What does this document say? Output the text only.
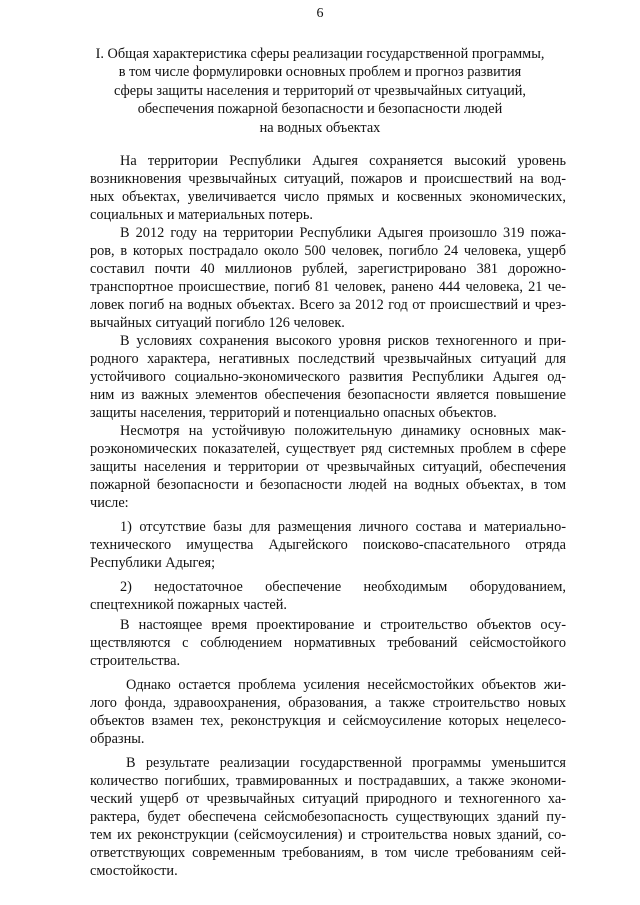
6
I. Общая характеристика сферы реализации государственной программы,
в том числе формулировки основных проблем и прогноз развития
сферы защиты населения и территорий от чрезвычайных ситуаций,
обеспечения пожарной безопасности и безопасности людей
на водных объектах
На территории Республики Адыгея сохраняется высокий уровень
возникновения чрезвычайных ситуаций, пожаров и происшествий на вод-
ных объектах, увеличивается число прямых и косвенных экономических,
социальных и материальных потерь.
В 2012 году на территории Республики Адыгея произошло 319 пожа-
ров, в которых пострадало около 500 человек, погибло 24 человека, ущерб
составил почти 40 миллионов рублей, зарегистрировано 381 дорожно-
транспортное происшествие, погиб 81 человек, ранено 444 человека, 21 че-
ловек погиб на водных объектах. Всего за 2012 год от происшествий и чрез-
вычайных ситуаций погибло 126 человек.
В условиях сохранения высокого уровня рисков техногенного и при-
родного характера, негативных последствий чрезвычайных ситуаций для
устойчивого социально-экономического развития Республики Адыгея од-
ним из важных элементов обеспечения безопасности является повышение
защиты населения, территорий и потенциально опасных объектов.
Несмотря на устойчивую положительную динамику основных мак-
роэкономических показателей, существует ряд системных проблем в сфере
защиты населения и территории от чрезвычайных ситуаций, обеспечения
пожарной безопасности и безопасности людей на водных объектах, в том
числе:
1) отсутствие базы для размещения личного состава и материально-
технического имущества Адыгейского поисково-спасательного отряда
Республики Адыгея;
2) недостаточное обеспечение необходимым оборудованием,
спецтехникой пожарных частей.
В настоящее время проектирование и строительство объектов осу-
ществляются с соблюдением нормативных требований сейсмостойкого
строительства.
Однако остается проблема усиления несейсмостойких объектов жи-
лого фонда, здравоохранения, образования, а также строительство новых
объектов взамен тех, реконструкция и сейсмоусиление которых нецелесо-
образны.
В результате реализации государственной программы уменьшится
количество погибших, травмированных и пострадавших, а также экономи-
ческий ущерб от чрезвычайных ситуаций природного и техногенного ха-
рактера, будет обеспечена сейсмобезопасность существующих зданий пу-
тем их реконструкции (сейсмоусиления) и строительства новых зданий, со-
ответствующих современным требованиям, в том числе требованиям сей-
смостойкости.
